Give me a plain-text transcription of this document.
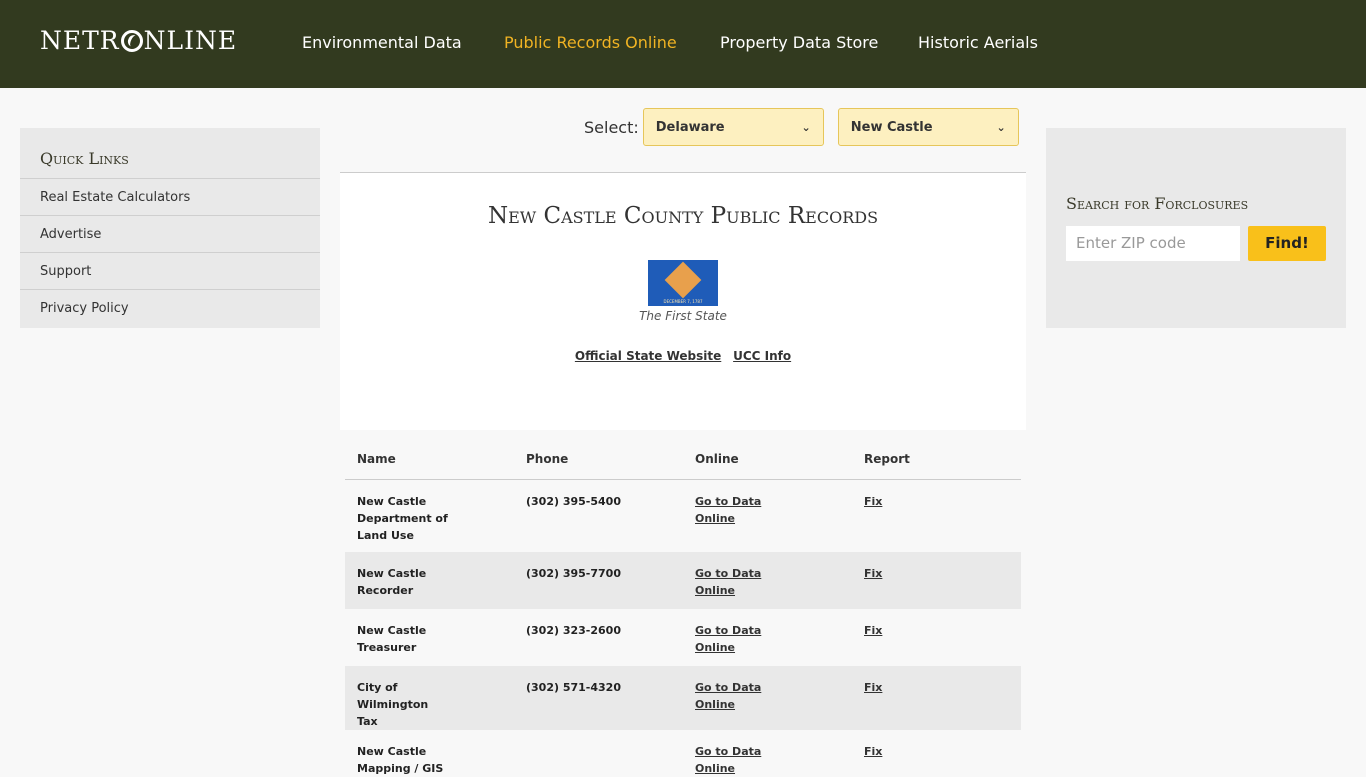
NETR NLINE	Environmental Data	Public Records Online	Property Data Store Historic Aerials
Quick Links
Real Estate Calculators
Advertise
Support
Privacy Policy
Select: Delaware	⌄	New Castle	⌄
New Castle County Public Records
DECEMBER 7, 1787
The First State
Official State Website UCC Info
Name	Phone	Online	Report
New Castle Department of Land Use	(302) 395-5400	Go to Data Online	Fix
New Castle Recorder	(302) 395-7700	Go to Data Online	Fix
New Castle Treasurer	(302) 323-2600	Go to Data Online	Fix
City of Wilmington Tax	(302) 571-4320	Go to Data Online	Fix
New Castle Mapping / GIS		Go to Data Online	Fix
Search for Forclosures
Enter ZIP code	Find!
